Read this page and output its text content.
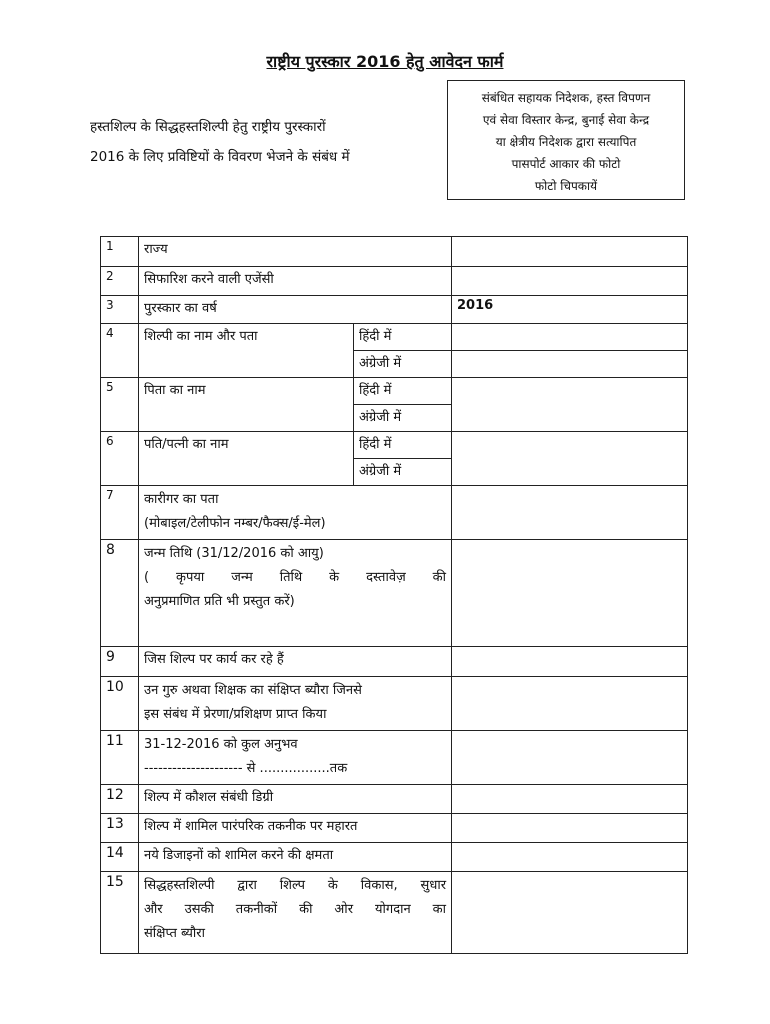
राष्ट्रीय पुरस्कार 2016 हेतु आवेदन फार्म
हस्तशिल्प के सिद्धहस्तशिल्पी हेतु राष्ट्रीय पुरस्कारों
2016 के लिए प्रविष्टियों के विवरण भेजने के संबंध में
संबंधित सहायक निदेशक, हस्त विपणन
एवं सेवा विस्तार केन्द्र, बुनाई सेवा केन्द्र
या क्षेत्रीय निदेशक द्वारा सत्यापित
पासपोर्ट आकार की फोटो
फोटो चिपकायें
1	राज्य		
2	सिफारिश करने वाली एजेंसी		
3	पुरस्कार का वर्ष		2016
4	शिल्पी का नाम और पता	हिंदी में	
		अंग्रेजी में	
5	पिता का नाम	हिंदी में	
		अंग्रेजी में	
6	पति/पत्नी का नाम	हिंदी में	
		अंग्रेजी में	
7	कारीगर का पता
(मोबाइल/टेलीफोन नम्बर/फैक्स/ई-मेल)		

8	जन्म तिथि (31/12/2016 को आयु)
( कृपया जन्म तिथि के दस्तावेज़ की
अनुप्रमाणित प्रति भी प्रस्तुत करें)		

9	जिस शिल्प पर कार्य कर रहे हैं		
10	उन गुरु अथवा शिक्षक का संक्षिप्त ब्यौरा जिनसे
इस संबंध में प्रेरणा/प्रशिक्षण प्राप्त किया		

11	31-12-2016 को कुल अनुभव
--------------------- से .................तक		

12	शिल्प में कौशल संबंधी डिग्री		
13	शिल्प में शामिल पारंपरिक तकनीक पर महारत		
14	नये डिजाइनों को शामिल करने की क्षमता		
15	सिद्धहस्तशिल्पी द्वारा शिल्प के विकास, सुधार
और उसकी तकनीकों की ओर योगदान का
संक्षिप्त ब्यौरा		
